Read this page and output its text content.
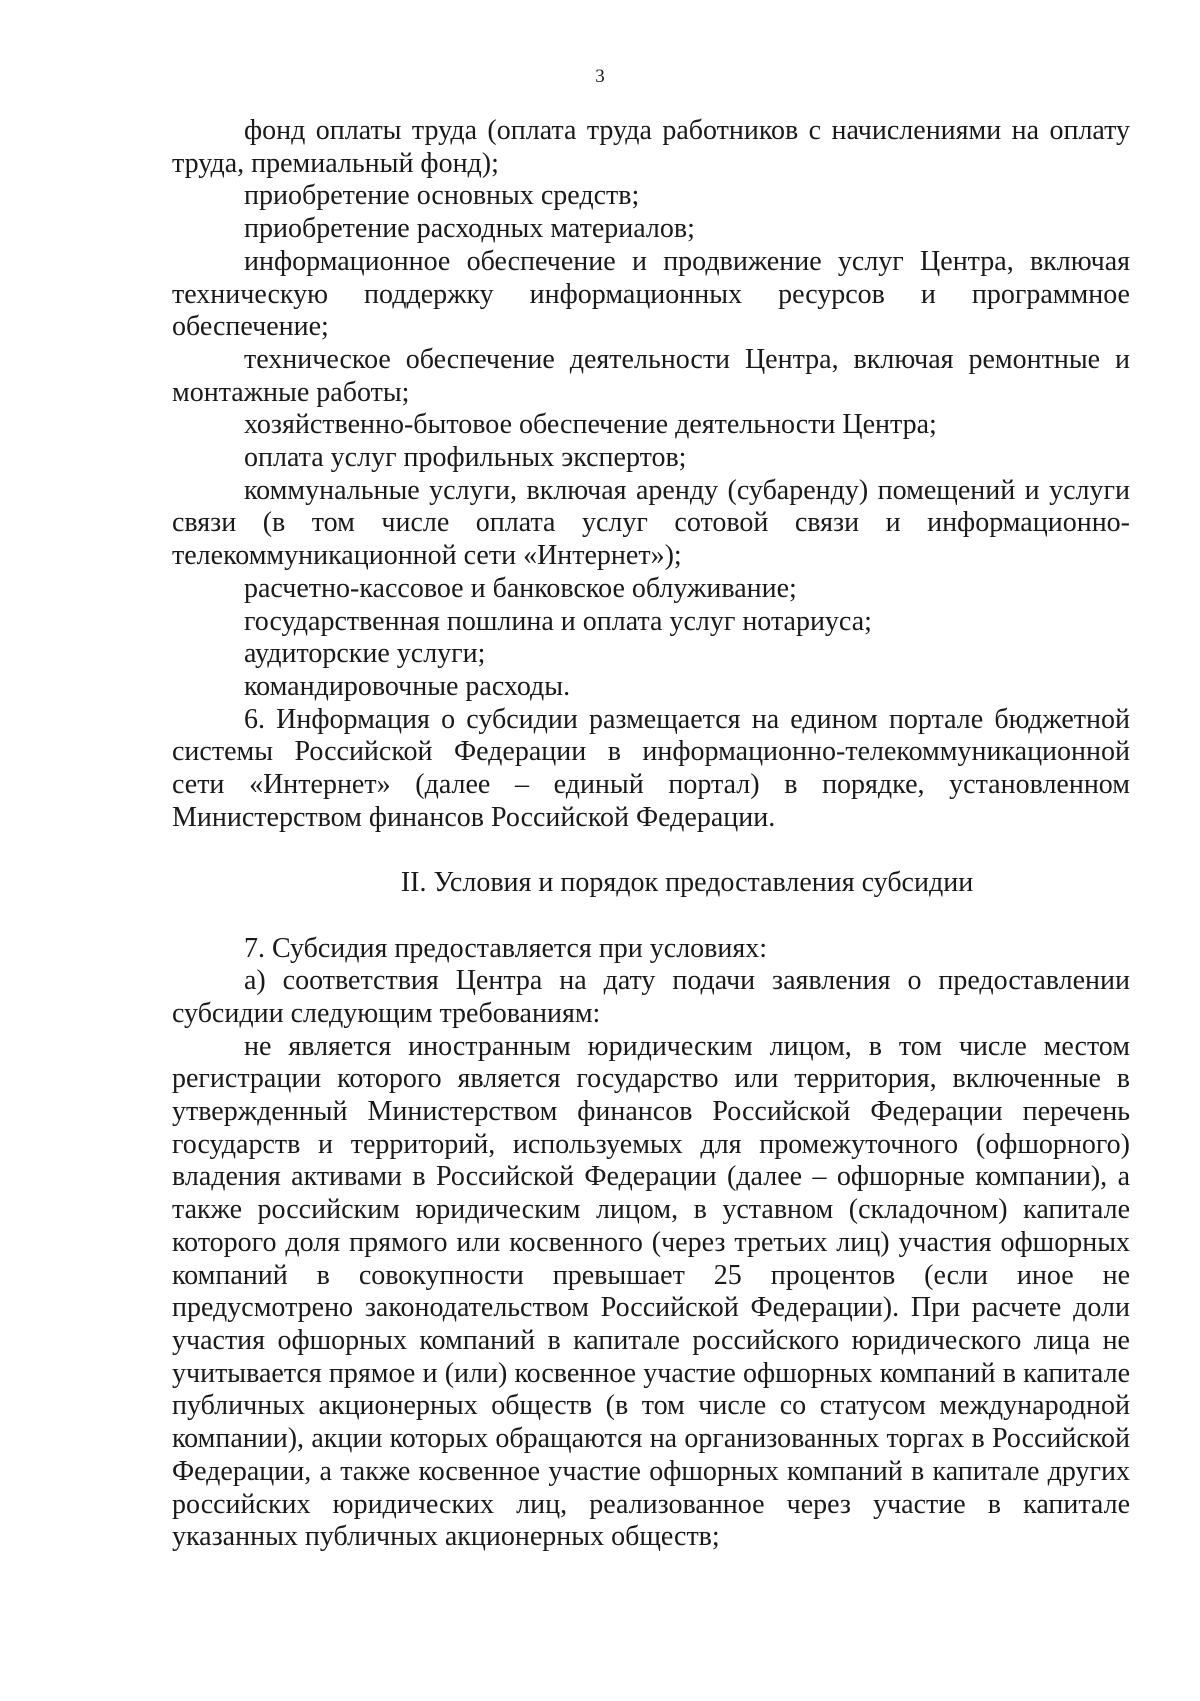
3

фонд оплаты труда (оплата труда работников с начислениями на оплату труда, премиальный фонд);

приобретение основных средств;

приобретение расходных материалов;

информационное обеспечение и продвижение услуг Центра, включая техническую поддержку информационных ресурсов и программное обеспечение;

техническое обеспечение деятельности Центра, включая ремонтные и монтажные работы;

хозяйственно-бытовое обеспечение деятельности Центра;

оплата услуг профильных экспертов;

коммунальные услуги, включая аренду (субаренду) помещений и услуги связи (в том числе оплата услуг сотовой связи и информационно-телекоммуникационной сети «Интернет»);

расчетно-кассовое и банковское облуживание;

государственная пошлина и оплата услуг нотариуса;

аудиторские услуги;

командировочные расходы.

6. Информация о субсидии размещается на едином портале бюджетной системы Российской Федерации в информационно-телекоммуникационной сети «Интернет» (далее – единый портал) в порядке, установленном Министерством финансов Российской Федерации.

II. Условия и порядок предоставления субсидии

7. Субсидия предоставляется при условиях:

а) соответствия Центра на дату подачи заявления о предоставлении субсидии следующим требованиям:

не является иностранным юридическим лицом, в том числе местом регистрации которого является государство или территория, включенные в утвержденный Министерством финансов Российской Федерации перечень государств и территорий, используемых для промежуточного (офшорного) владения активами в Российской Федерации (далее – офшорные компании), а также российским юридическим лицом, в уставном (складочном) капитале которого доля прямого или косвенного (через третьих лиц) участия офшорных компаний в совокупности превышает 25 процентов (если иное не предусмотрено законодательством Российской Федерации). При расчете доли участия офшорных компаний в капитале российского юридического лица не учитывается прямое и (или) косвенное участие офшорных компаний в капитале публичных акционерных обществ (в том числе со статусом международной компании), акции которых обращаются на организованных торгах в Российской Федерации, а также косвенное участие офшорных компаний в капитале других российских юридических лиц, реализованное через участие в капитале указанных публичных акционерных обществ;
